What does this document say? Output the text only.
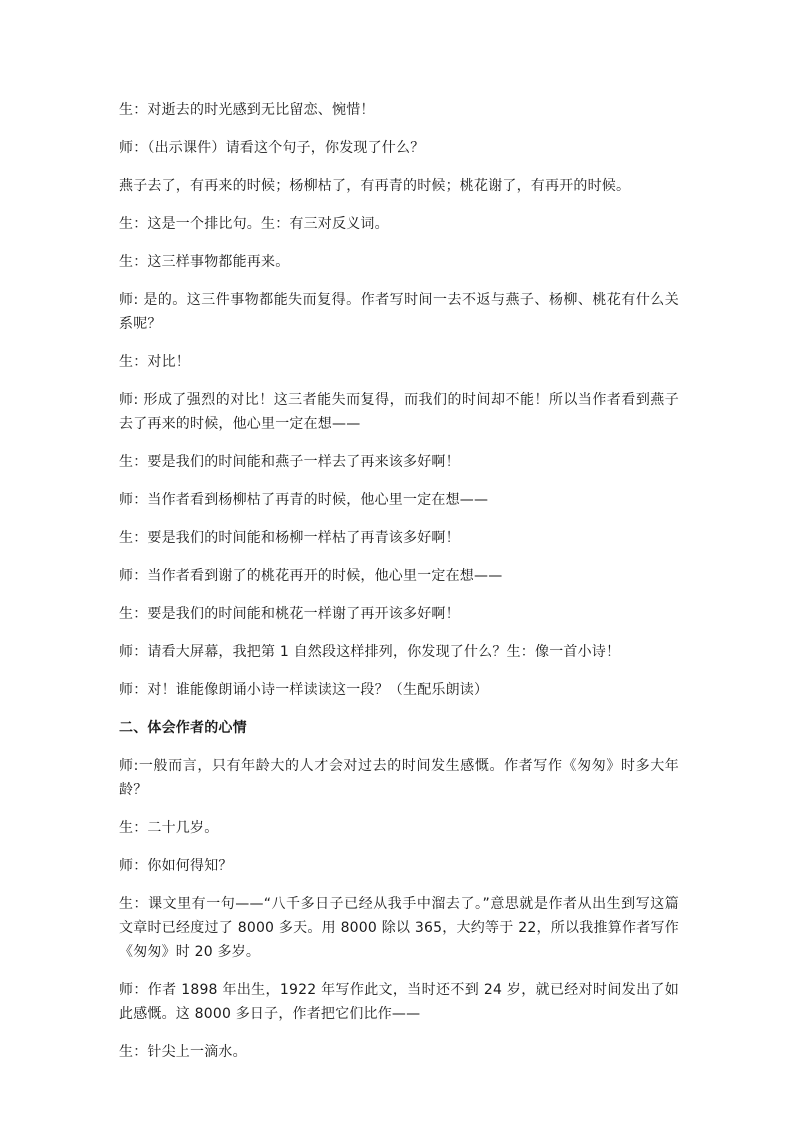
生：对逝去的时光感到无比留恋、惋惜！

师：（出示课件）请看这个句子，你发现了什么？

燕子去了，有再来的时候；杨柳枯了，有再青的时候；桃花谢了，有再开的时候。

生：这是一个排比句。生：有三对反义词。

生：这三样事物都能再来。

师: 是的。这三件事物都能失而复得。作者写时间一去不返与燕子、杨柳、桃花有什么关系呢？

生：对比！

师: 形成了强烈的对比！这三者能失而复得，而我们的时间却不能！所以当作者看到燕子去了再来的时候，他心里一定在想——

生：要是我们的时间能和燕子一样去了再来该多好啊！

师：当作者看到杨柳枯了再青的时候，他心里一定在想——

生：要是我们的时间能和杨柳一样枯了再青该多好啊！

师：当作者看到谢了的桃花再开的时候，他心里一定在想——

生：要是我们的时间能和桃花一样谢了再开该多好啊！

师：请看大屏幕，我把第 1 自然段这样排列，你发现了什么？生：像一首小诗！

师：对！谁能像朗诵小诗一样读读这一段？（生配乐朗读）

二、体会作者的心情

师:一般而言，只有年龄大的人才会对过去的时间发生感慨。作者写作《匆匆》时多大年龄？

生：二十几岁。

师：你如何得知？

生：课文里有一句——“八千多日子已经从我手中溜去了。”意思就是作者从出生到写这篇文章时已经度过了 8000 多天。用 8000 除以 365，大约等于 22，所以我推算作者写作《匆匆》时 20 多岁。

师：作者 1898 年出生，1922 年写作此文，当时还不到 24 岁，就已经对时间发出了如此感慨。这 8000 多日子，作者把它们比作——

生：针尖上一滴水。
